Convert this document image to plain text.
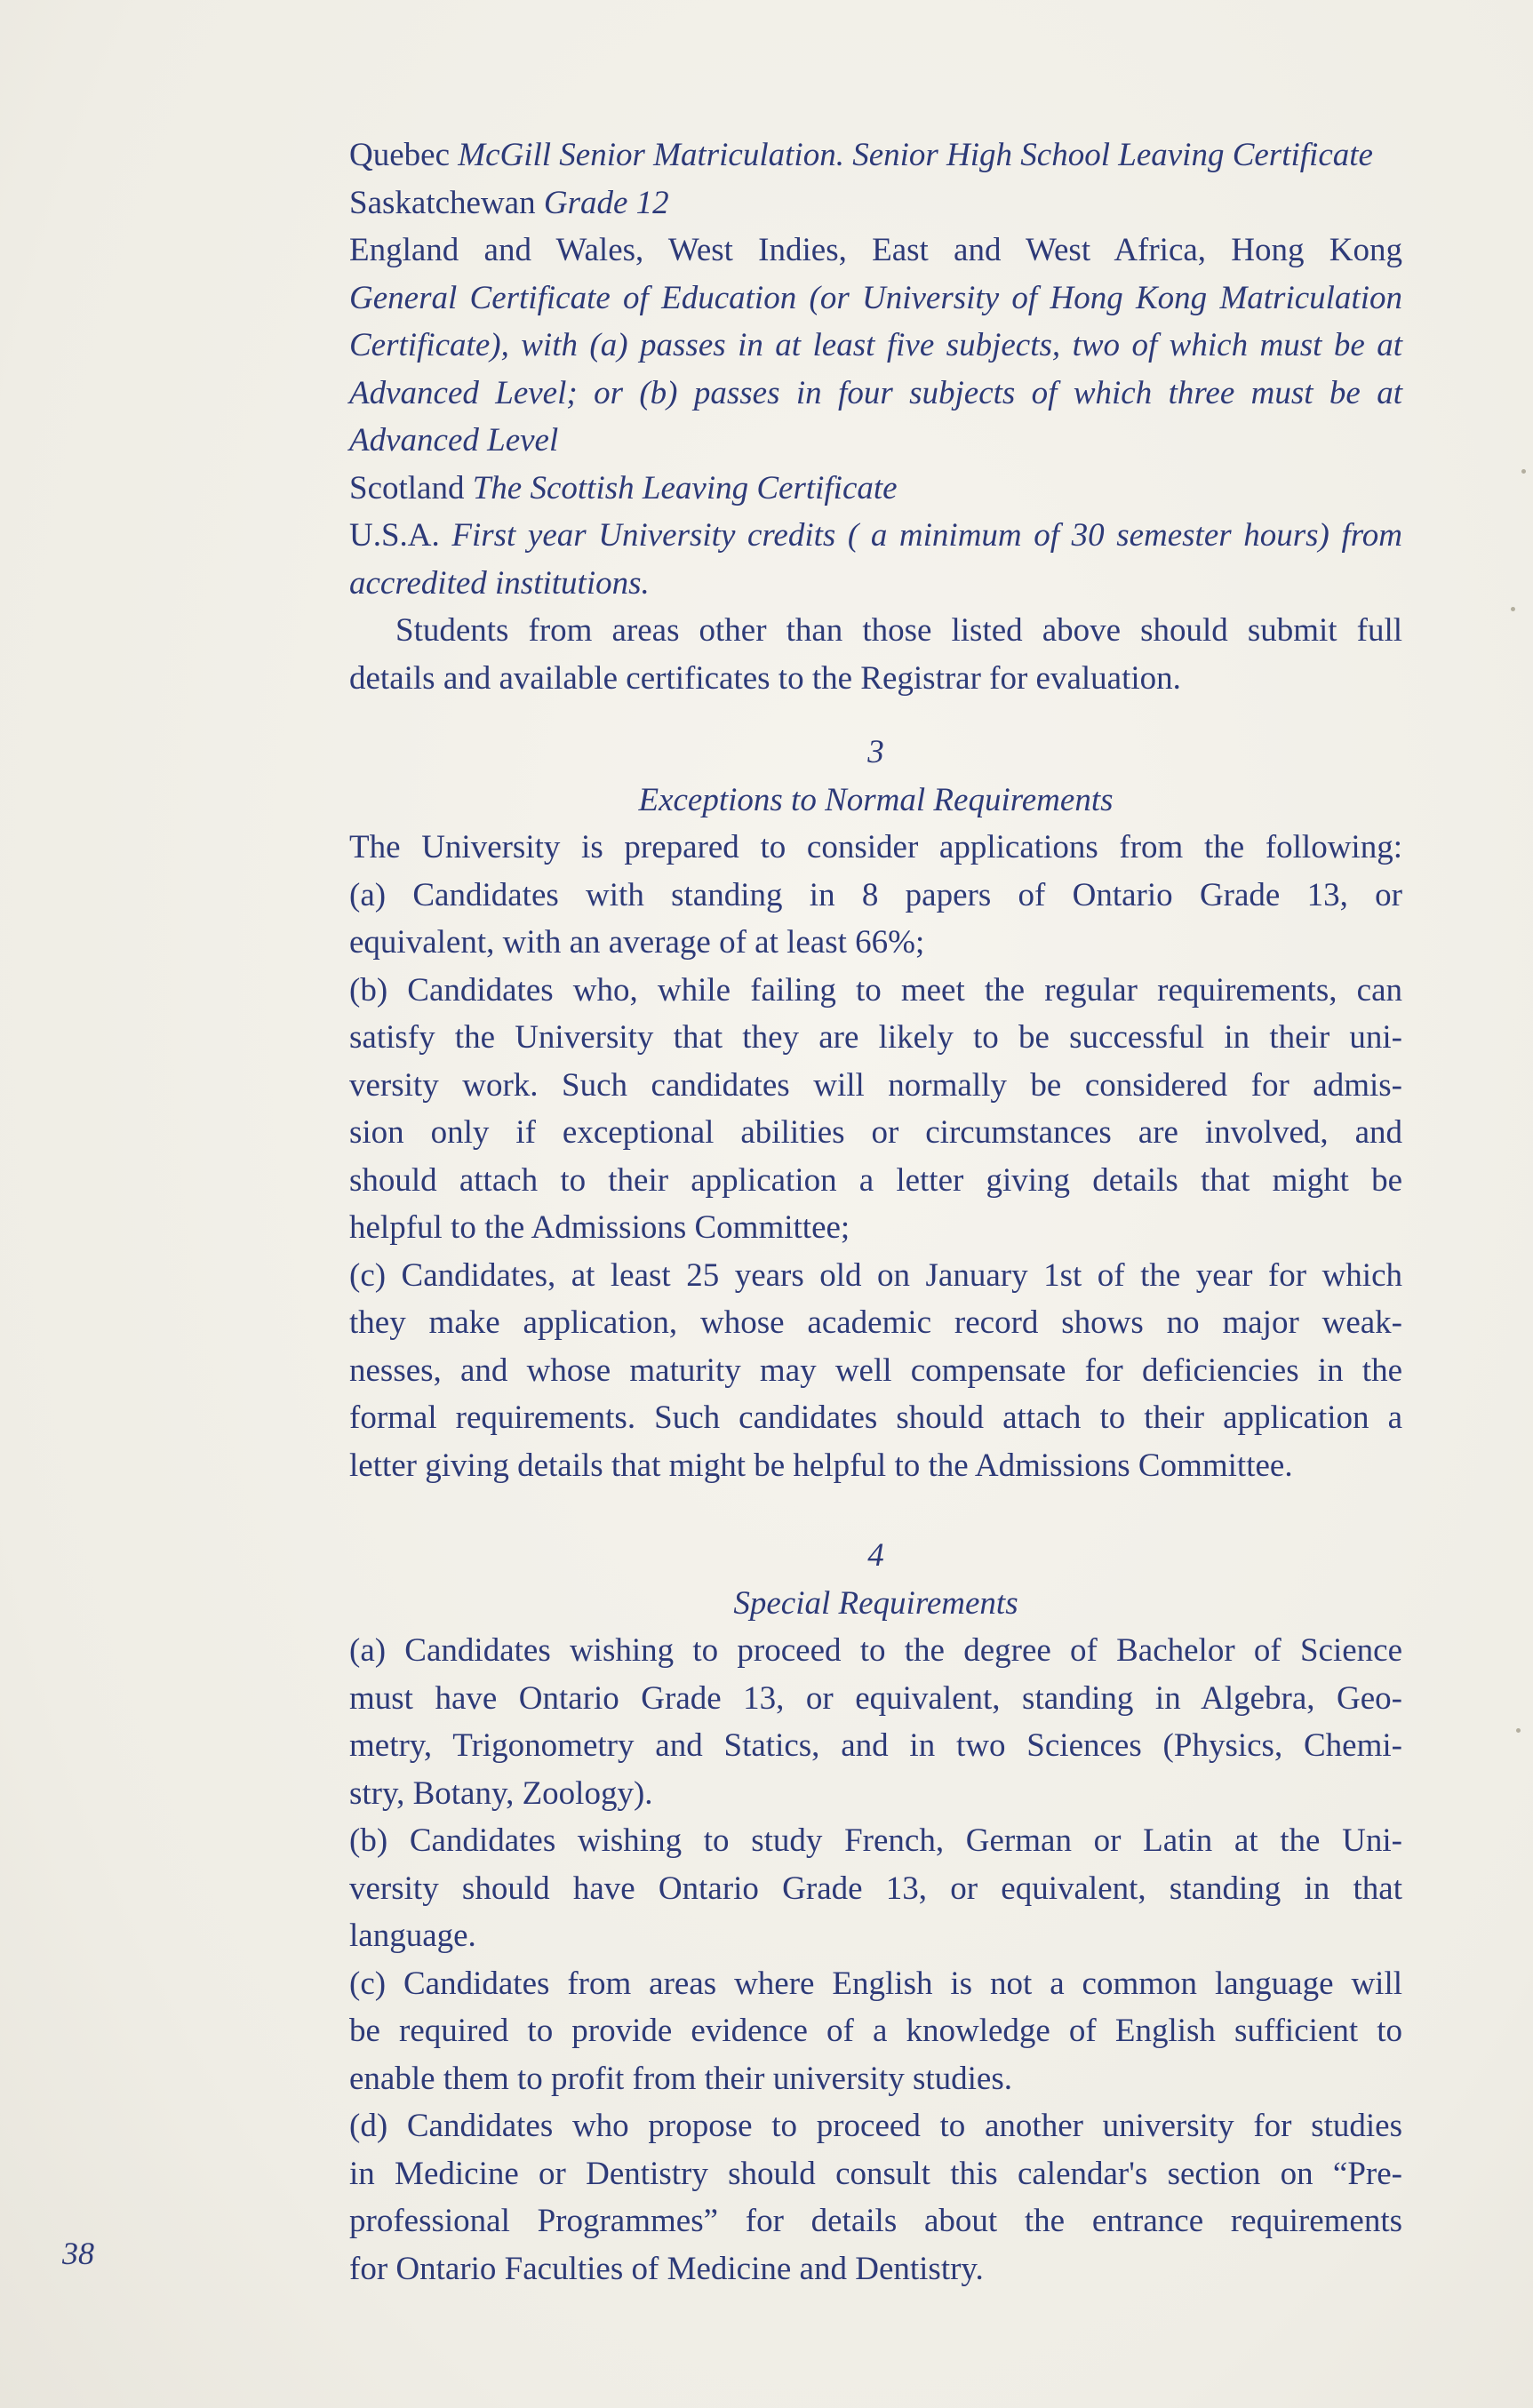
Quebec McGill Senior Matriculation. Senior High School Leaving Certificate
Saskatchewan Grade 12
England and Wales, West Indies, East and West Africa, Hong Kong
General Certificate of Education (or University of Hong Kong Matriculation
Certificate), with (a) passes in at least five subjects, two of which must be at
Advanced Level; or (b) passes in four subjects of which three must be at
Advanced Level
Scotland The Scottish Leaving Certificate
U.S.A. First year University credits ( a minimum of 30 semester hours) from
accredited institutions.
Students from areas other than those listed above should submit full
details and available certificates to the Registrar for evaluation.
3
Exceptions to Normal Requirements
The University is prepared to consider applications from the following:
(a) Candidates with standing in 8 papers of Ontario Grade 13, or
equivalent, with an average of at least 66%;
(b) Candidates who, while failing to meet the regular requirements, can
satisfy the University that they are likely to be successful in their uni-
versity work. Such candidates will normally be considered for admis-
sion only if exceptional abilities or circumstances are involved, and
should attach to their application a letter giving details that might be
helpful to the Admissions Committee;
(c) Candidates, at least 25 years old on January 1st of the year for which
they make application, whose academic record shows no major weak-
nesses, and whose maturity may well compensate for deficiencies in the
formal requirements. Such candidates should attach to their application a
letter giving details that might be helpful to the Admissions Committee.
4
Special Requirements
(a) Candidates wishing to proceed to the degree of Bachelor of Science
must have Ontario Grade 13, or equivalent, standing in Algebra, Geo-
metry, Trigonometry and Statics, and in two Sciences (Physics, Chemi-
stry, Botany, Zoology).
(b) Candidates wishing to study French, German or Latin at the Uni-
versity should have Ontario Grade 13, or equivalent, standing in that
language.
(c) Candidates from areas where English is not a common language will
be required to provide evidence of a knowledge of English sufficient to
enable them to profit from their university studies.
(d) Candidates who propose to proceed to another university for studies
in Medicine or Dentistry should consult this calendar's section on “Pre-
professional Programmes” for details about the entrance requirements
for Ontario Faculties of Medicine and Dentistry.
38
